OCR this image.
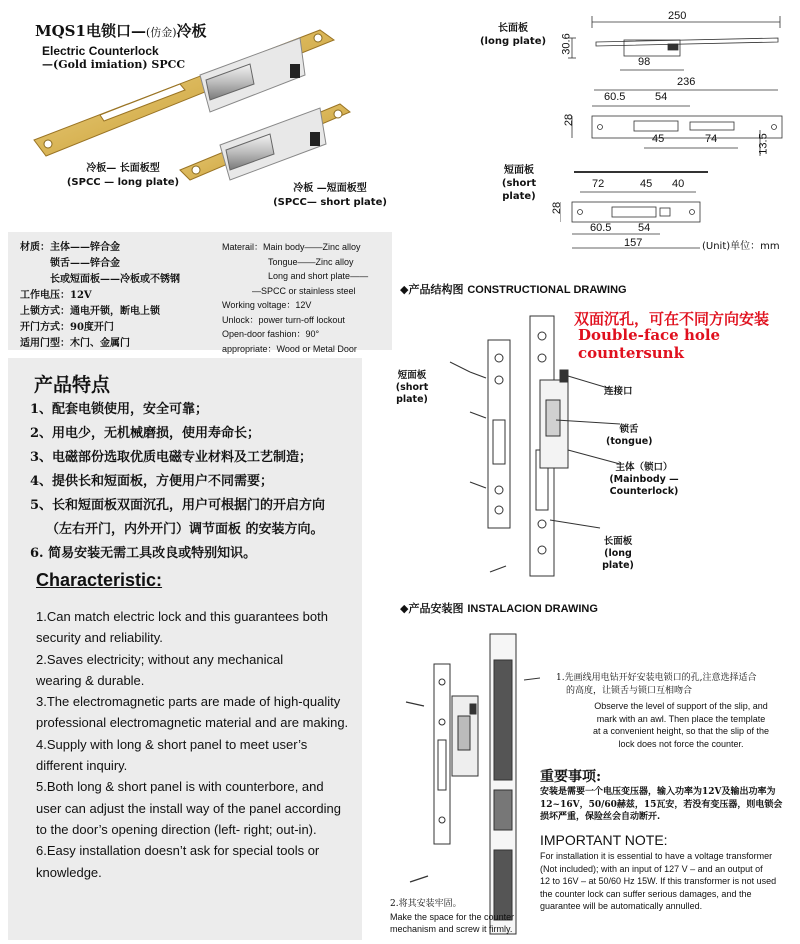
MQS1电锁口—(仿金)冷板
Electric Counterlock
—(Gold imiation) SPCC
冷板— 长面板型
(SPCC — long plate)
冷板 —短面板型
(SPCC— short plate)
长面板
(long plate)
短面板
(short plate)
250
30.6
98
236
60.5	54
28
45	74	13.5
72	45 40
28
60.5 54
157	(Unit)单位：mm
材质：主体——锌合金
锁舌——锌合金
长或短面板——冷板或不锈钢
工作电压：12V
上锁方式：通电开锁，断电上锁
开门方式：90度开门
适用门型：木门、金属门
Materail：Main body——Zinc alloy
Tongue——Zinc alloy
Long and short plate——
—SPCC or stainless steel
Working voltage：12V
Unlock：power turn-off lockout
Open-door fashion：90°
appropriate：Wood or Metal Door
产品特点
1、配套电锁使用，安全可靠；
2、用电少，无机械磨损，使用寿命长；
3、电磁部份选取优质电磁专业材料及工艺制造；
4、提供长和短面板，方便用户不同需要；
5、长和短面板双面沉孔，用户可根据门的开启方向
（左右开门，内外开门）调节面板 的安装方向。
6. 简易安装无需工具改良或特别知识。
Characteristic:
1.Can match electric lock and this guarantees both
security and reliability.
2.Saves electricity; without any mechanical
wearing & durable.
3.The electromagnetic parts are made of high-quality
professional electromagnetic material and are making.
4.Supply with long & short panel to meet user’s
different inquiry.
5.Both long & short panel is with counterbore, and
user can adjust the install way of the panel according
to the door’s opening direction (left- right; out-in).
6.Easy installation doesn’t ask for special tools or
knowledge.
◆产品结构图 CONSTRUCTIONAL DRAWING
双面沉孔，可在不同方向安装
Double-face hole countersunk
短面板
(short plate)
连接口
锁舌
(tongue)
主体（锁口）
(Mainbody —Counterlock)
长面板
(long plate)
◆产品安装图 INSTALACION DRAWING
1.先画线用电钻开好安装电锁口的孔,注意选择适合
的高度，让锁舌与锁口互相吻合
Observe the level of support of the slip, and
mark with an awl. Then place the template
at a convenient height, so that the slip of the
lock does not force the counter.
重要事项:
安装是需要一个电压变压器，输入功率为12V及输出功率为
12~16V，50/60赫兹，15瓦安，若没有变压器，则电锁会
损坏严重，保险丝会自动断开.
IMPORTANT NOTE:
For installation it is essential to have a voltage transformer
(Not included); with an input of 127 V – and an output of
12 to 16V – at 50/60 Hz 15W. If this transformer is not used
the counter lock can suffer serious damages, and the
guarantee will be automatically annulled.
2.将其安装牢固。
Make the space for the counter
mechanism and screw it firmly.
